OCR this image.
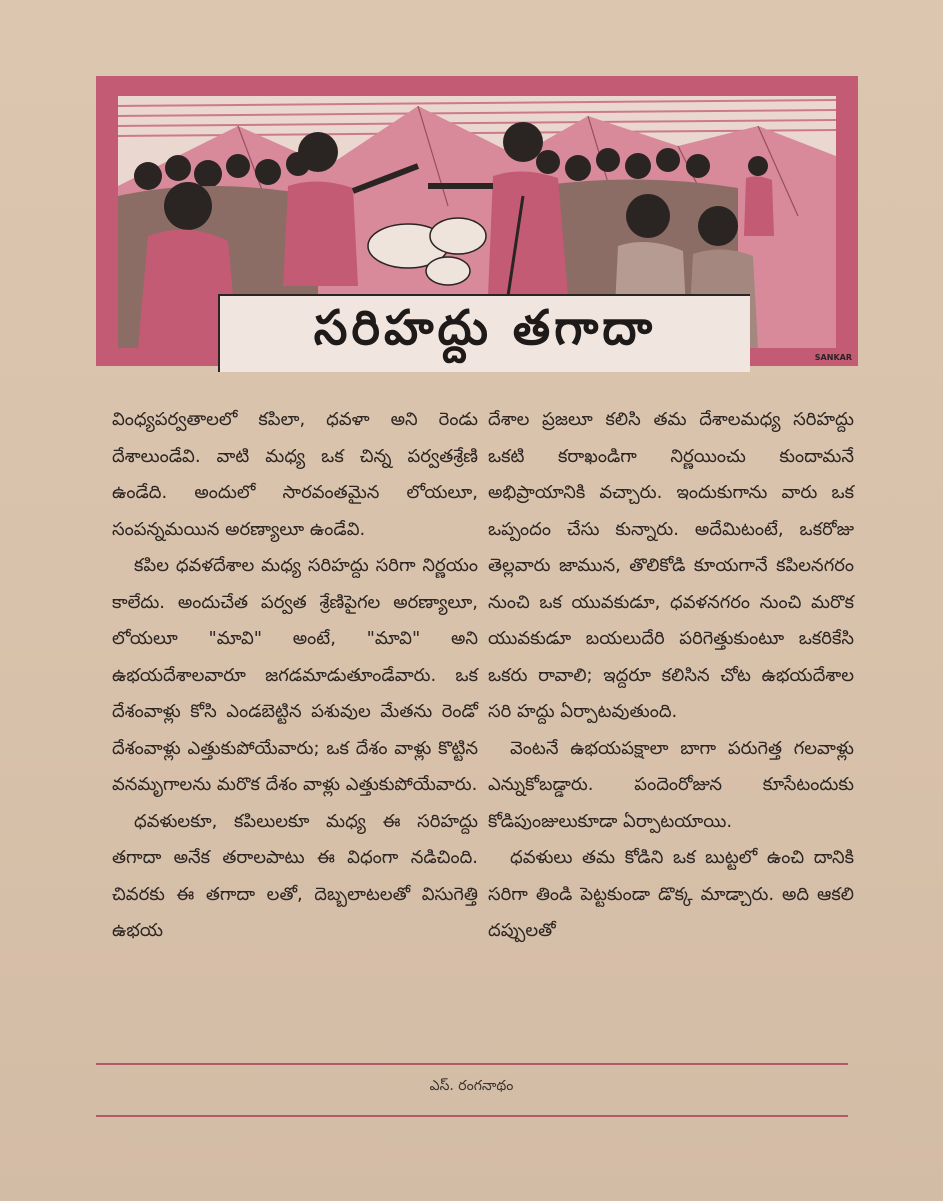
సరిహద్దు తగాదా
SANKAR

వింధ్యపర్వతాలలో కపిలా, ధవళా అని రెండు దేశాలుండేవి. వాటి మధ్య ఒక చిన్న పర్వతశ్రేణి ఉండేది. అందులో సారవంతమైన లోయలూ, సంపన్నమయిన అరణ్యాలూ ఉండేవి.

కపిల ధవళదేశాల మధ్య సరిహద్దు సరిగా నిర్ణయం కాలేదు. అందుచేత పర్వత శ్రేణిపైగల అరణ్యాలూ, లోయలూ "మావి" అంటే, "మావి" అని ఉభయదేశాలవారూ జగడమాడుతూండేవారు. ఒక దేశంవాళ్లు కోసి ఎండబెట్టిన పశువుల మేతను రెండో దేశంవాళ్లు ఎత్తుకుపోయేవారు; ఒక దేశం వాళ్లు కొట్టిన వనమృగాలను మరొక దేశం వాళ్లు ఎత్తుకుపోయేవారు.

ధవళులకూ, కపిలులకూ మధ్య ఈ సరిహద్దు తగాదా అనేక తరాలపాటు ఈ విధంగా నడిచింది. చివరకు ఈ తగాదా లతో, దెబ్బలాటలతో విసుగెత్తి ఉభయ

దేశాల ప్రజలూ కలిసి తమ దేశాలమధ్య సరిహద్దు ఒకటి కరాఖండిగా నిర్ణయించు కుందామనే అభిప్రాయానికి వచ్చారు. ఇందుకుగాను వారు ఒక ఒప్పందం చేసు కున్నారు. అదేమిటంటే, ఒకరోజు తెల్లవారు జామున, తొలికోడి కూయగానే కపిలనగరం నుంచి ఒక యువకుడూ, ధవళనగరం నుంచి మరొక యువకుడూ బయలుదేరి పరిగెత్తుకుంటూ ఒకరికేసి ఒకరు రావాలి; ఇద్దరూ కలిసిన చోట ఉభయదేశాల సరి హద్దు ఏర్పాటవుతుంది.

వెంటనే ఉభయపక్షాలా బాగా పరుగెత్త గలవాళ్లు ఎన్నుకోబడ్డారు. పందెంరోజున కూసేటందుకు కోడిపుంజులుకూడా ఏర్పాటయాయి.

ధవళులు తమ కోడిని ఒక బుట్టలో ఉంచి దానికి సరిగా తిండి పెట్టకుండా డొక్క మాడ్చారు. అది ఆకలి దప్పులతో

ఎస్. రంగనాథం
